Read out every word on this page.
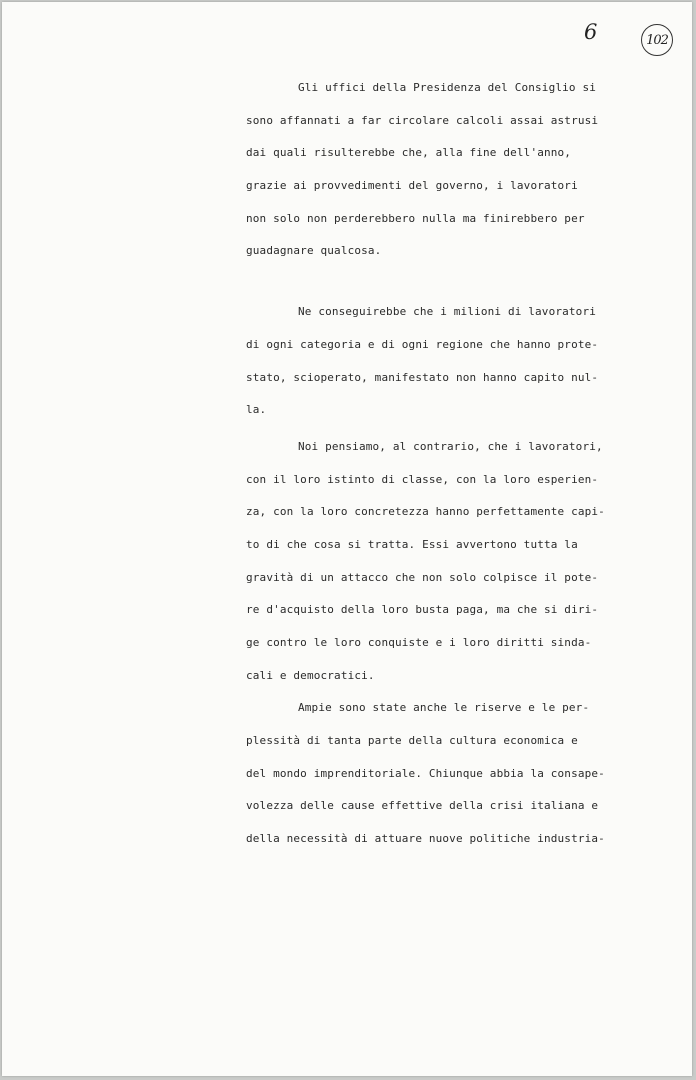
6	102
Gli uffici della Presidenza del Consiglio si
sono affannati a far circolare calcoli assai astrusi
dai quali risulterebbe che, alla fine dell'anno,
grazie ai provvedimenti del governo, i lavoratori
non solo non perderebbero nulla ma finirebbero per
guadagnare qualcosa.
Ne conseguirebbe che i milioni di lavoratori
di ogni categoria e di ogni regione che hanno prote-
stato, scioperato, manifestato non hanno capito nul-
la.
Noi pensiamo, al contrario, che i lavoratori,
con il loro istinto di classe, con la loro esperien-
za, con la loro concretezza hanno perfettamente capi-
to di che cosa si tratta. Essi avvertono tutta la
gravità di un attacco che non solo colpisce il pote-
re d'acquisto della loro busta paga, ma che si diri-
ge contro le loro conquiste e i loro diritti sinda-
cali e democratici.
Ampie sono state anche le riserve e le per-
plessità di tanta parte della cultura economica e
del mondo imprenditoriale. Chiunque abbia la consape-
volezza delle cause effettive della crisi italiana e
della necessità di attuare nuove politiche industria-
